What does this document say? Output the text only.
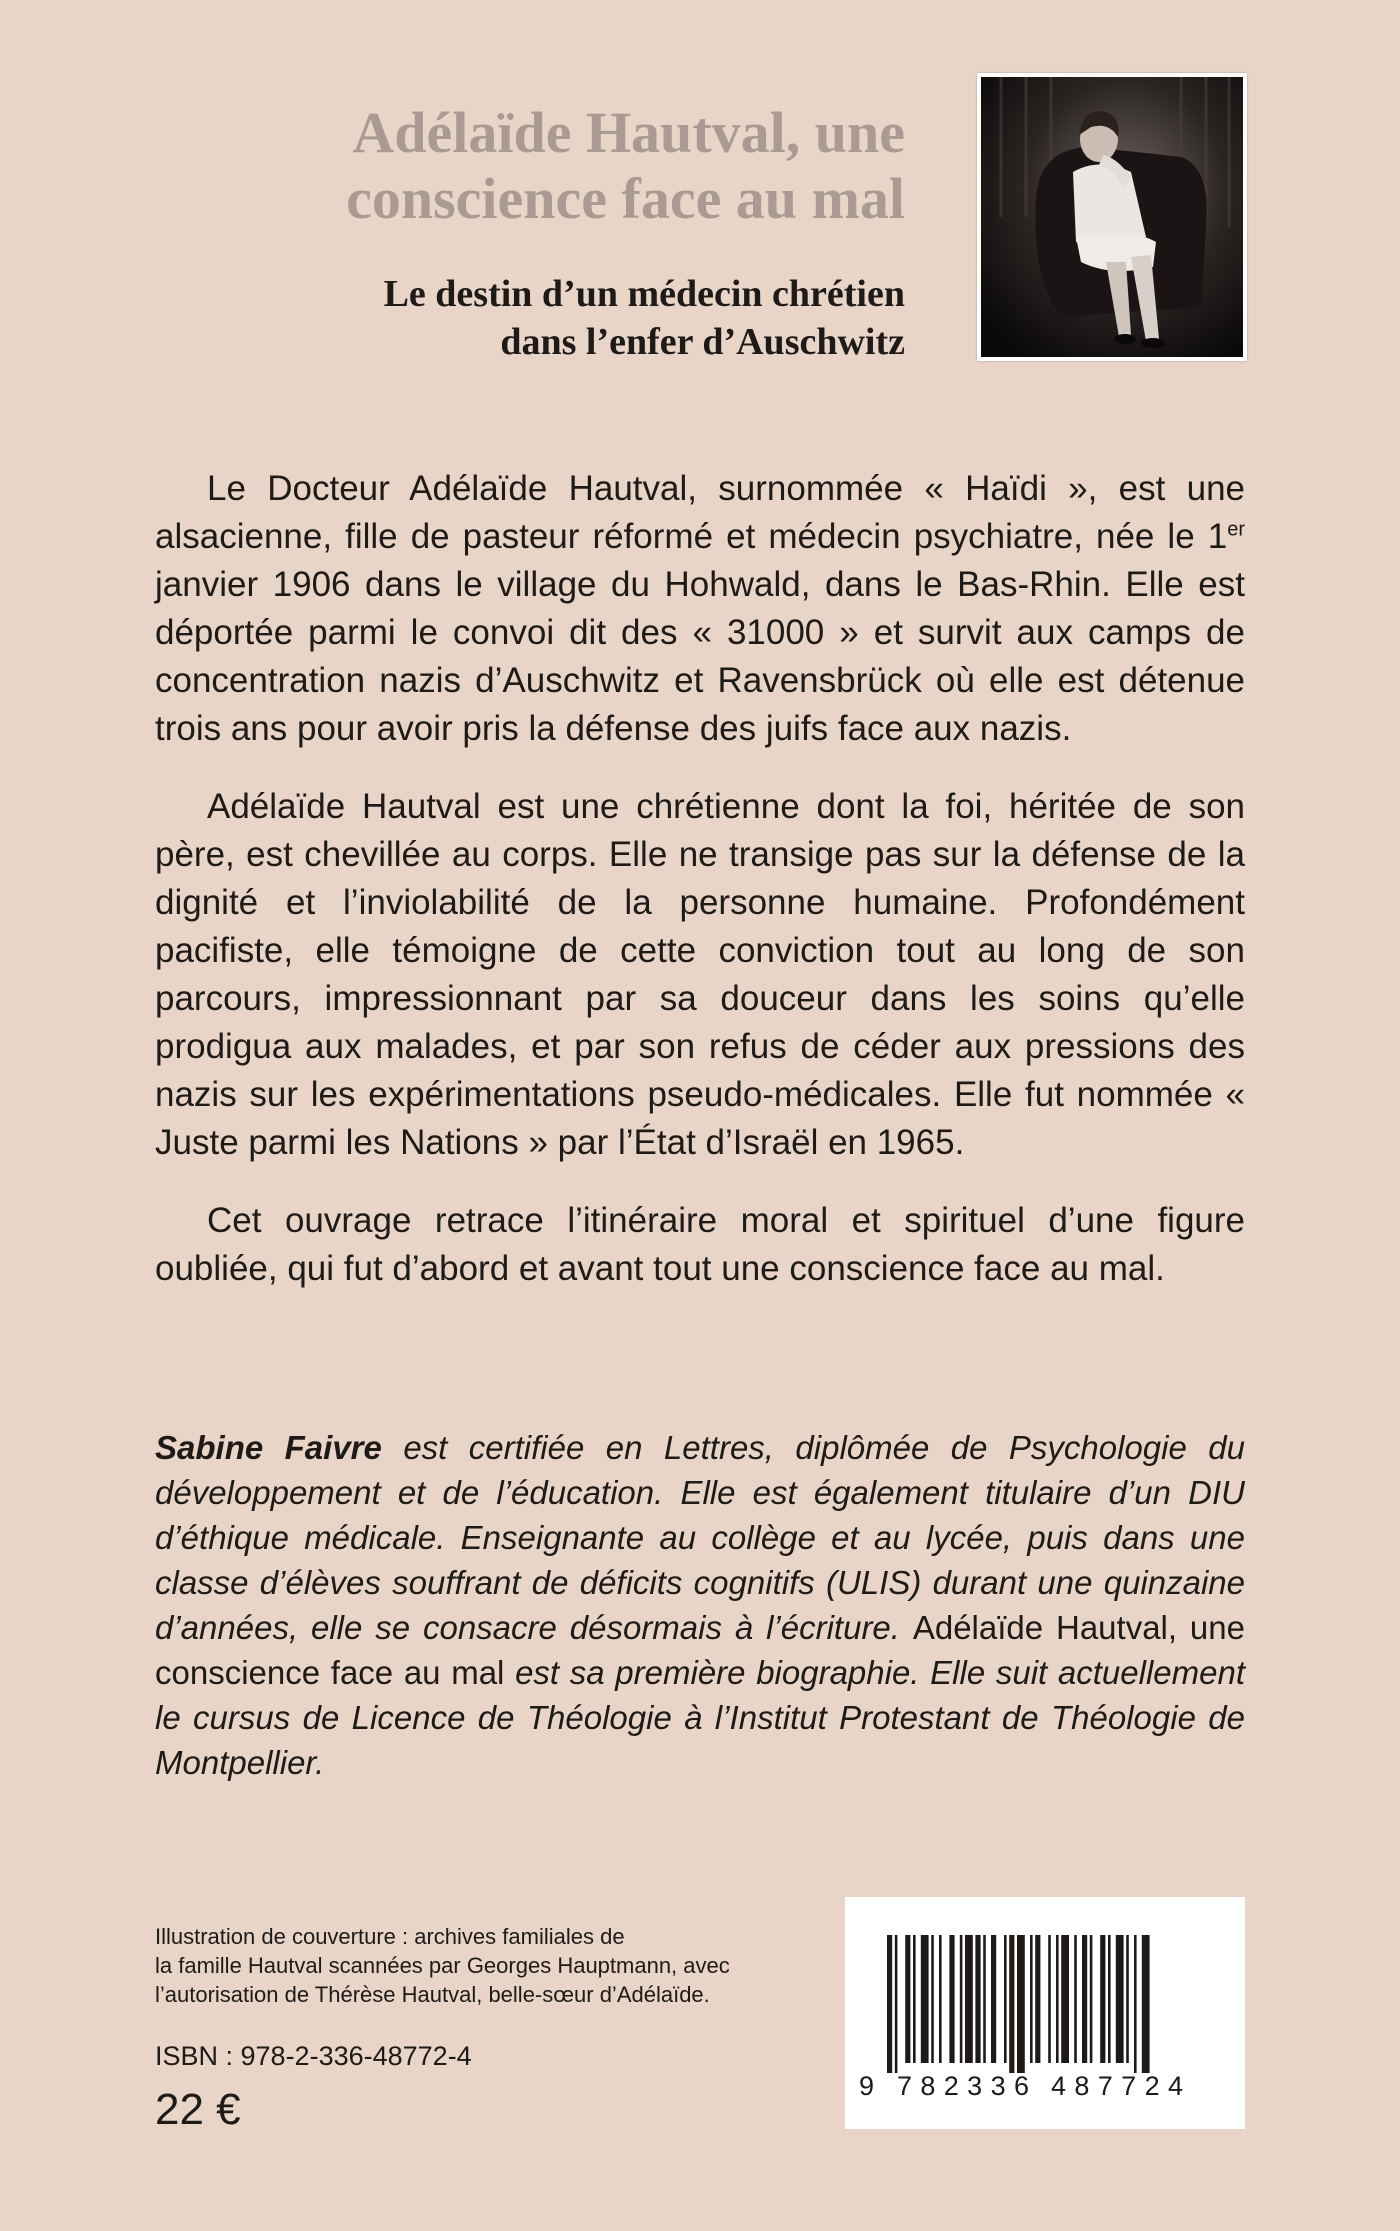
Adélaïde Hautval, une
conscience face au mal
Le destin d’un médecin chrétien
dans l’enfer d’Auschwitz

Le Docteur Adélaïde Hautval, surnommée « Haïdi », est une alsacienne, fille de pasteur réformé et médecin psychiatre, née le 1er janvier 1906 dans le village du Hohwald, dans le Bas-Rhin. Elle est déportée parmi le convoi dit des « 31000 » et survit aux camps de concentration nazis d’Auschwitz et Ravensbrück où elle est détenue trois ans pour avoir pris la défense des juifs face aux nazis.

Adélaïde Hautval est une chrétienne dont la foi, héritée de son père, est chevillée au corps. Elle ne transige pas sur la défense de la dignité et l’inviolabilité de la personne humaine. Profondément pacifiste, elle témoigne de cette conviction tout au long de son parcours, impressionnant par sa douceur dans les soins qu’elle prodigua aux malades, et par son refus de céder aux pressions des nazis sur les expérimentations pseudo-médicales. Elle fut nommée « Juste parmi les Nations » par l’État d’Israël en 1965.

Cet ouvrage retrace l’itinéraire moral et spirituel d’une figure oubliée, qui fut d’abord et avant tout une conscience face au mal.

Sabine Faivre est certifiée en Lettres, diplômée de Psychologie du développement et de l’éducation. Elle est également titulaire d’un DIU d’éthique médicale. Enseignante au collège et au lycée, puis dans une classe d’élèves souffrant de déficits cognitifs (ULIS) durant une quinzaine d’années, elle se consacre désormais à l’écriture. Adélaïde Hautval, une conscience face au mal est sa première biographie. Elle suit actuellement le cursus de Licence de Théologie à l’Institut Protestant de Théologie de Montpellier.

Illustration de couverture : archives familiales de

la famille Hautval scannées par Georges Hauptmann, avec

l’autorisation de Thérèse Hautval, belle-sœur d’Adélaïde.

ISBN : 978-2-336-48772-4

22 €	9 782336 487724
